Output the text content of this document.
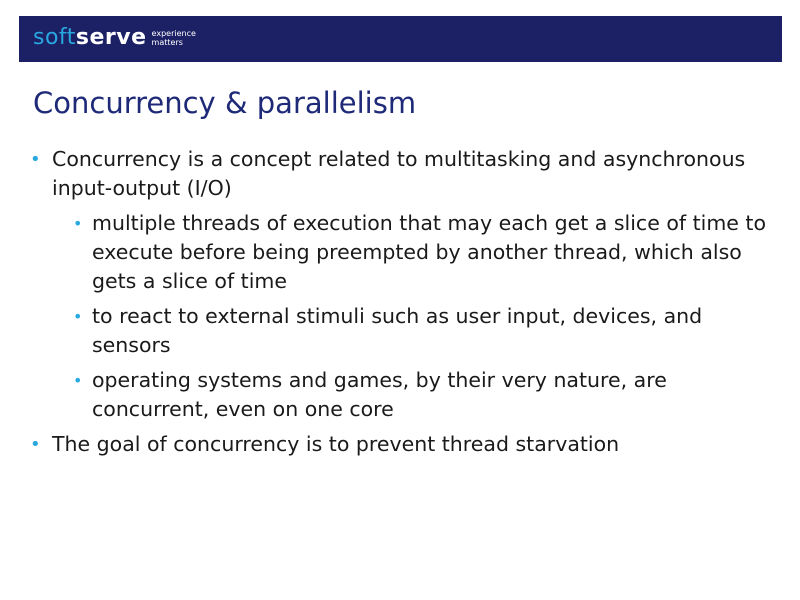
soft serve experience
matters
Concurrency & parallelism
• Concurrency is a concept related to multitasking and asynchronous input-output (I/O)
• multiple threads of execution that may each get a slice of time to execute before being preempted by another thread, which also gets a slice of time
• to react to external stimuli such as user input, devices, and sensors
• operating systems and games, by their very nature, are concurrent, even on one core
• The goal of concurrency is to prevent thread starvation
